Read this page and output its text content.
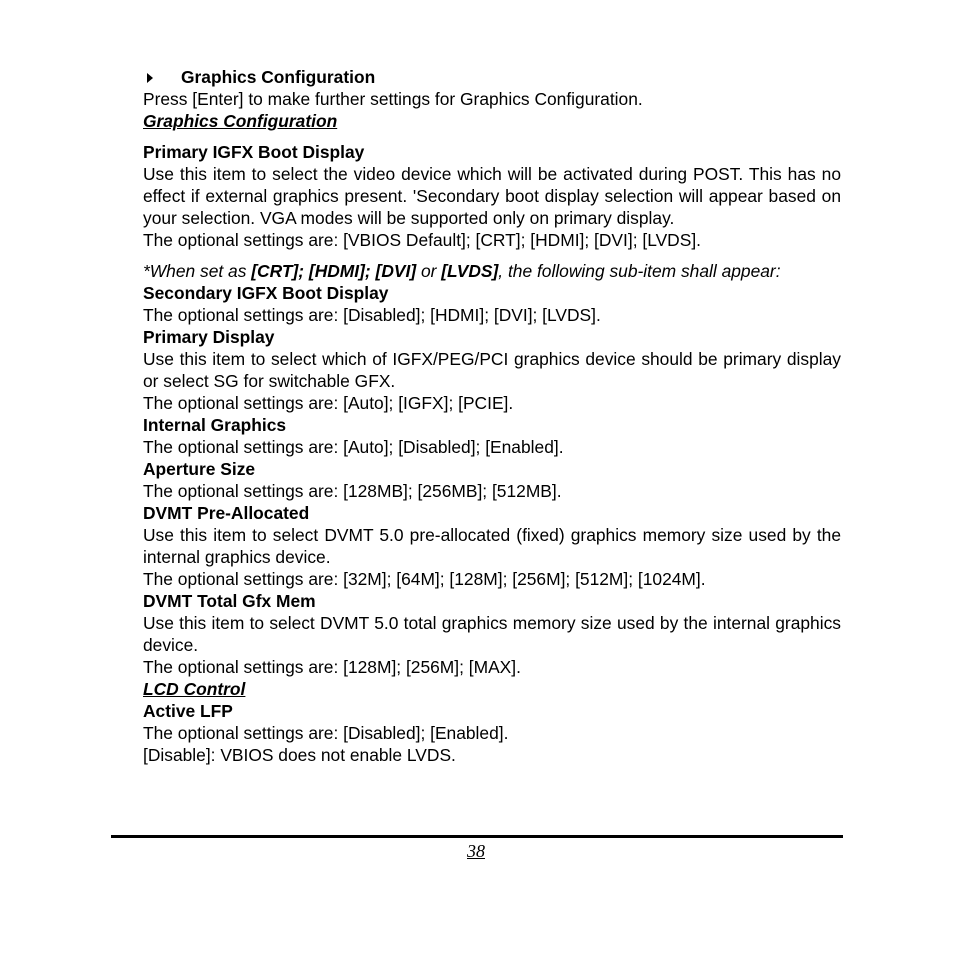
Graphics Configuration

Press [Enter] to make further settings for Graphics Configuration.

Graphics Configuration
Primary IGFX Boot Display

Use this item to select the video device which will be activated during POST. This has no effect if external graphics present. 'Secondary boot display selection will appear based on your selection. VGA modes will be supported only on primary display.

The optional settings are: [VBIOS Default]; [CRT]; [HDMI]; [DVI]; [LVDS].

*When set as [CRT]; [HDMI]; [DVI] or [LVDS], the following sub-item shall appear:

Secondary IGFX Boot Display

The optional settings are: [Disabled]; [HDMI]; [DVI]; [LVDS].

Primary Display

Use this item to select which of IGFX/PEG/PCI graphics device should be primary display or select SG for switchable GFX.

The optional settings are: [Auto]; [IGFX]; [PCIE].

Internal Graphics

The optional settings are: [Auto]; [Disabled]; [Enabled].

Aperture Size

The optional settings are: [128MB]; [256MB]; [512MB].

DVMT Pre-Allocated

Use this item to select DVMT 5.0 pre-allocated (fixed) graphics memory size used by the internal graphics device.

The optional settings are: [32M]; [64M]; [128M]; [256M]; [512M]; [1024M].

DVMT Total Gfx Mem

Use this item to select DVMT 5.0 total graphics memory size used by the internal graphics device.

The optional settings are: [128M]; [256M]; [MAX].

LCD Control
Active LFP

The optional settings are: [Disabled]; [Enabled].

[Disable]: VBIOS does not enable LVDS.

38
